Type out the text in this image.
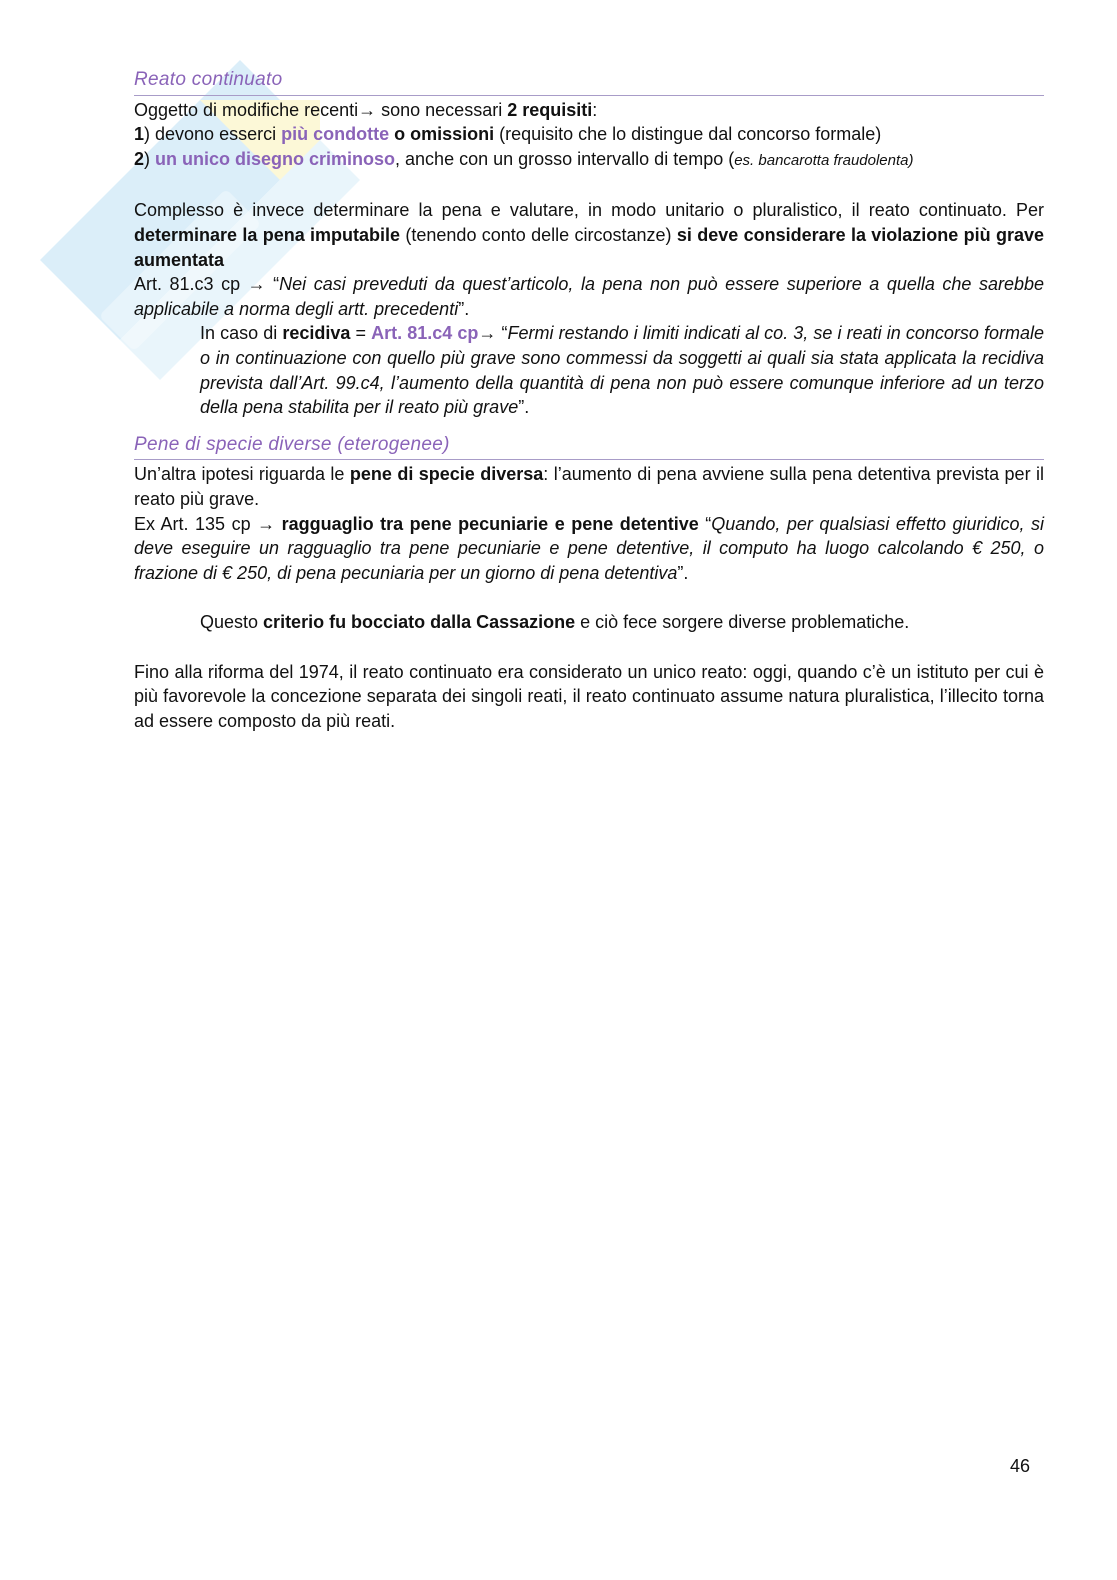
Reato continuato

Oggetto di modifiche recenti→ sono necessari 2 requisiti:

1) devono esserci più condotte o omissioni (requisito che lo distingue dal concorso formale)

2) un unico disegno criminoso, anche con un grosso intervallo di tempo (es. bancarotta fraudolenta)

Complesso è invece determinare la pena e valutare, in modo unitario o pluralistico, il reato continuato. Per determinare la pena imputabile (tenendo conto delle circostanze) si deve considerare la violazione più grave aumentata

Art. 81.c3 cp → “Nei casi preveduti da quest’articolo, la pena non può essere superiore a quella che sarebbe applicabile a norma degli artt. precedenti”.

In caso di recidiva = Art. 81.c4 cp→ “Fermi restando i limiti indicati al co. 3, se i reati in concorso formale o in continuazione con quello più grave sono commessi da soggetti ai quali sia stata applicata la recidiva prevista dall’Art. 99.c4, l’aumento della quantità di pena non può essere comunque inferiore ad un terzo della pena stabilita per il reato più grave”.

Pene di specie diverse (eterogenee)

Un’altra ipotesi riguarda le pene di specie diversa: l’aumento di pena avviene sulla pena detentiva prevista per il reato più grave.

Ex Art. 135 cp → ragguaglio tra pene pecuniarie e pene detentive “Quando, per qualsiasi effetto giuridico, si deve eseguire un ragguaglio tra pene pecuniarie e pene detentive, il computo ha luogo calcolando € 250, o frazione di € 250, di pena pecuniaria per un giorno di pena detentiva”.

Questo criterio fu bocciato dalla Cassazione e ciò fece sorgere diverse problematiche.

Fino alla riforma del 1974, il reato continuato era considerato un unico reato: oggi, quando c’è un istituto per cui è più favorevole la concezione separata dei singoli reati, il reato continuato assume natura pluralistica, l’illecito torna ad essere composto da più reati.

46
